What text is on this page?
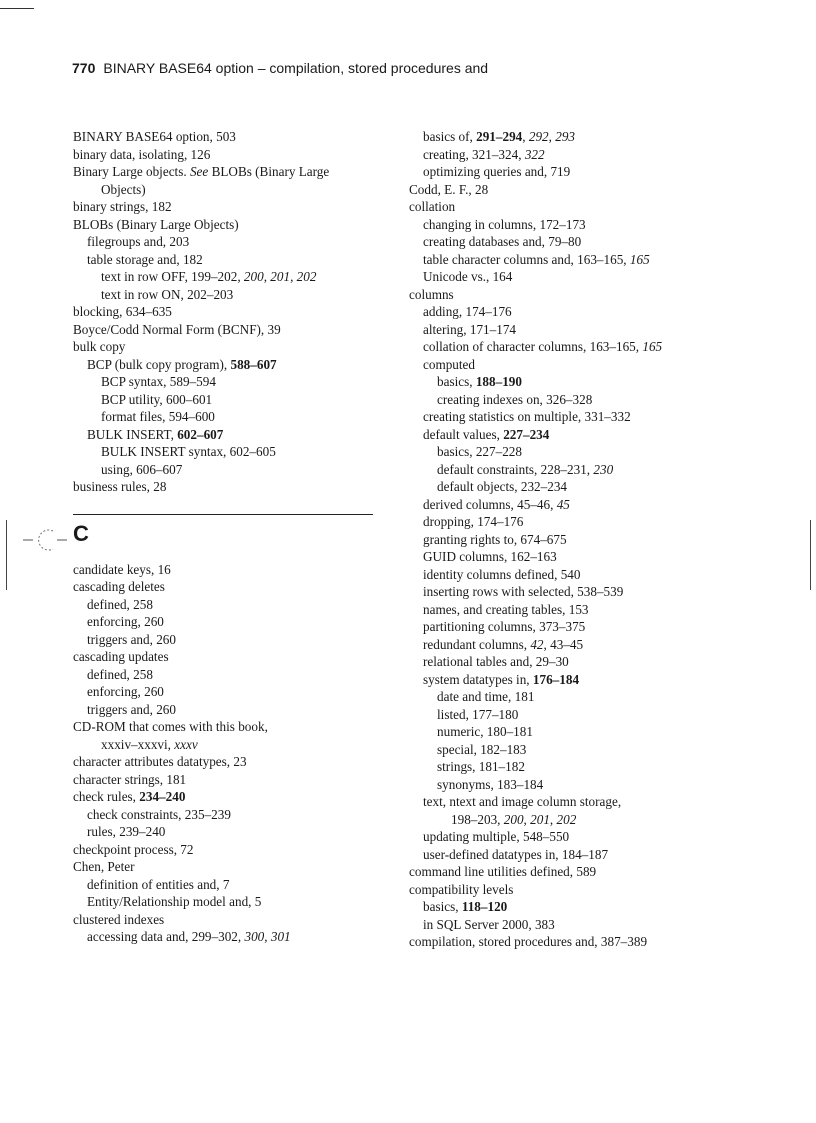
770 BINARY BASE64 option – compilation, stored procedures and
BINARY BASE64 option, 503
binary data, isolating, 126
Binary Large objects. See BLOBs (Binary Large
Objects)
binary strings, 182
BLOBs (Binary Large Objects)
filegroups and, 203
table storage and, 182
text in row OFF, 199–202, 200, 201, 202
text in row ON, 202–203
blocking, 634–635
Boyce/Codd Normal Form (BCNF), 39
bulk copy
BCP (bulk copy program), 588–607
BCP syntax, 589–594
BCP utility, 600–601
format files, 594–600
BULK INSERT, 602–607
BULK INSERT syntax, 602–605
using, 606–607
business rules, 28
C
candidate keys, 16
cascading deletes
defined, 258
enforcing, 260
triggers and, 260
cascading updates
defined, 258
enforcing, 260
triggers and, 260
CD-ROM that comes with this book,
xxxiv–xxxvi, xxxv
character attributes datatypes, 23
character strings, 181
check rules, 234–240
check constraints, 235–239
rules, 239–240
checkpoint process, 72
Chen, Peter
definition of entities and, 7
Entity/Relationship model and, 5
clustered indexes
accessing data and, 299–302, 300, 301
basics of, 291–294, 292, 293
creating, 321–324, 322
optimizing queries and, 719
Codd, E. F., 28
collation
changing in columns, 172–173
creating databases and, 79–80
table character columns and, 163–165, 165
Unicode vs., 164
columns
adding, 174–176
altering, 171–174
collation of character columns, 163–165, 165
computed
basics, 188–190
creating indexes on, 326–328
creating statistics on multiple, 331–332
default values, 227–234
basics, 227–228
default constraints, 228–231, 230
default objects, 232–234
derived columns, 45–46, 45
dropping, 174–176
granting rights to, 674–675
GUID columns, 162–163
identity columns defined, 540
inserting rows with selected, 538–539
names, and creating tables, 153
partitioning columns, 373–375
redundant columns, 42, 43–45
relational tables and, 29–30
system datatypes in, 176–184
date and time, 181
listed, 177–180
numeric, 180–181
special, 182–183
strings, 181–182
synonyms, 183–184
text, ntext and image column storage,
198–203, 200, 201, 202
updating multiple, 548–550
user-defined datatypes in, 184–187
command line utilities defined, 589
compatibility levels
basics, 118–120
in SQL Server 2000, 383
compilation, stored procedures and, 387–389
